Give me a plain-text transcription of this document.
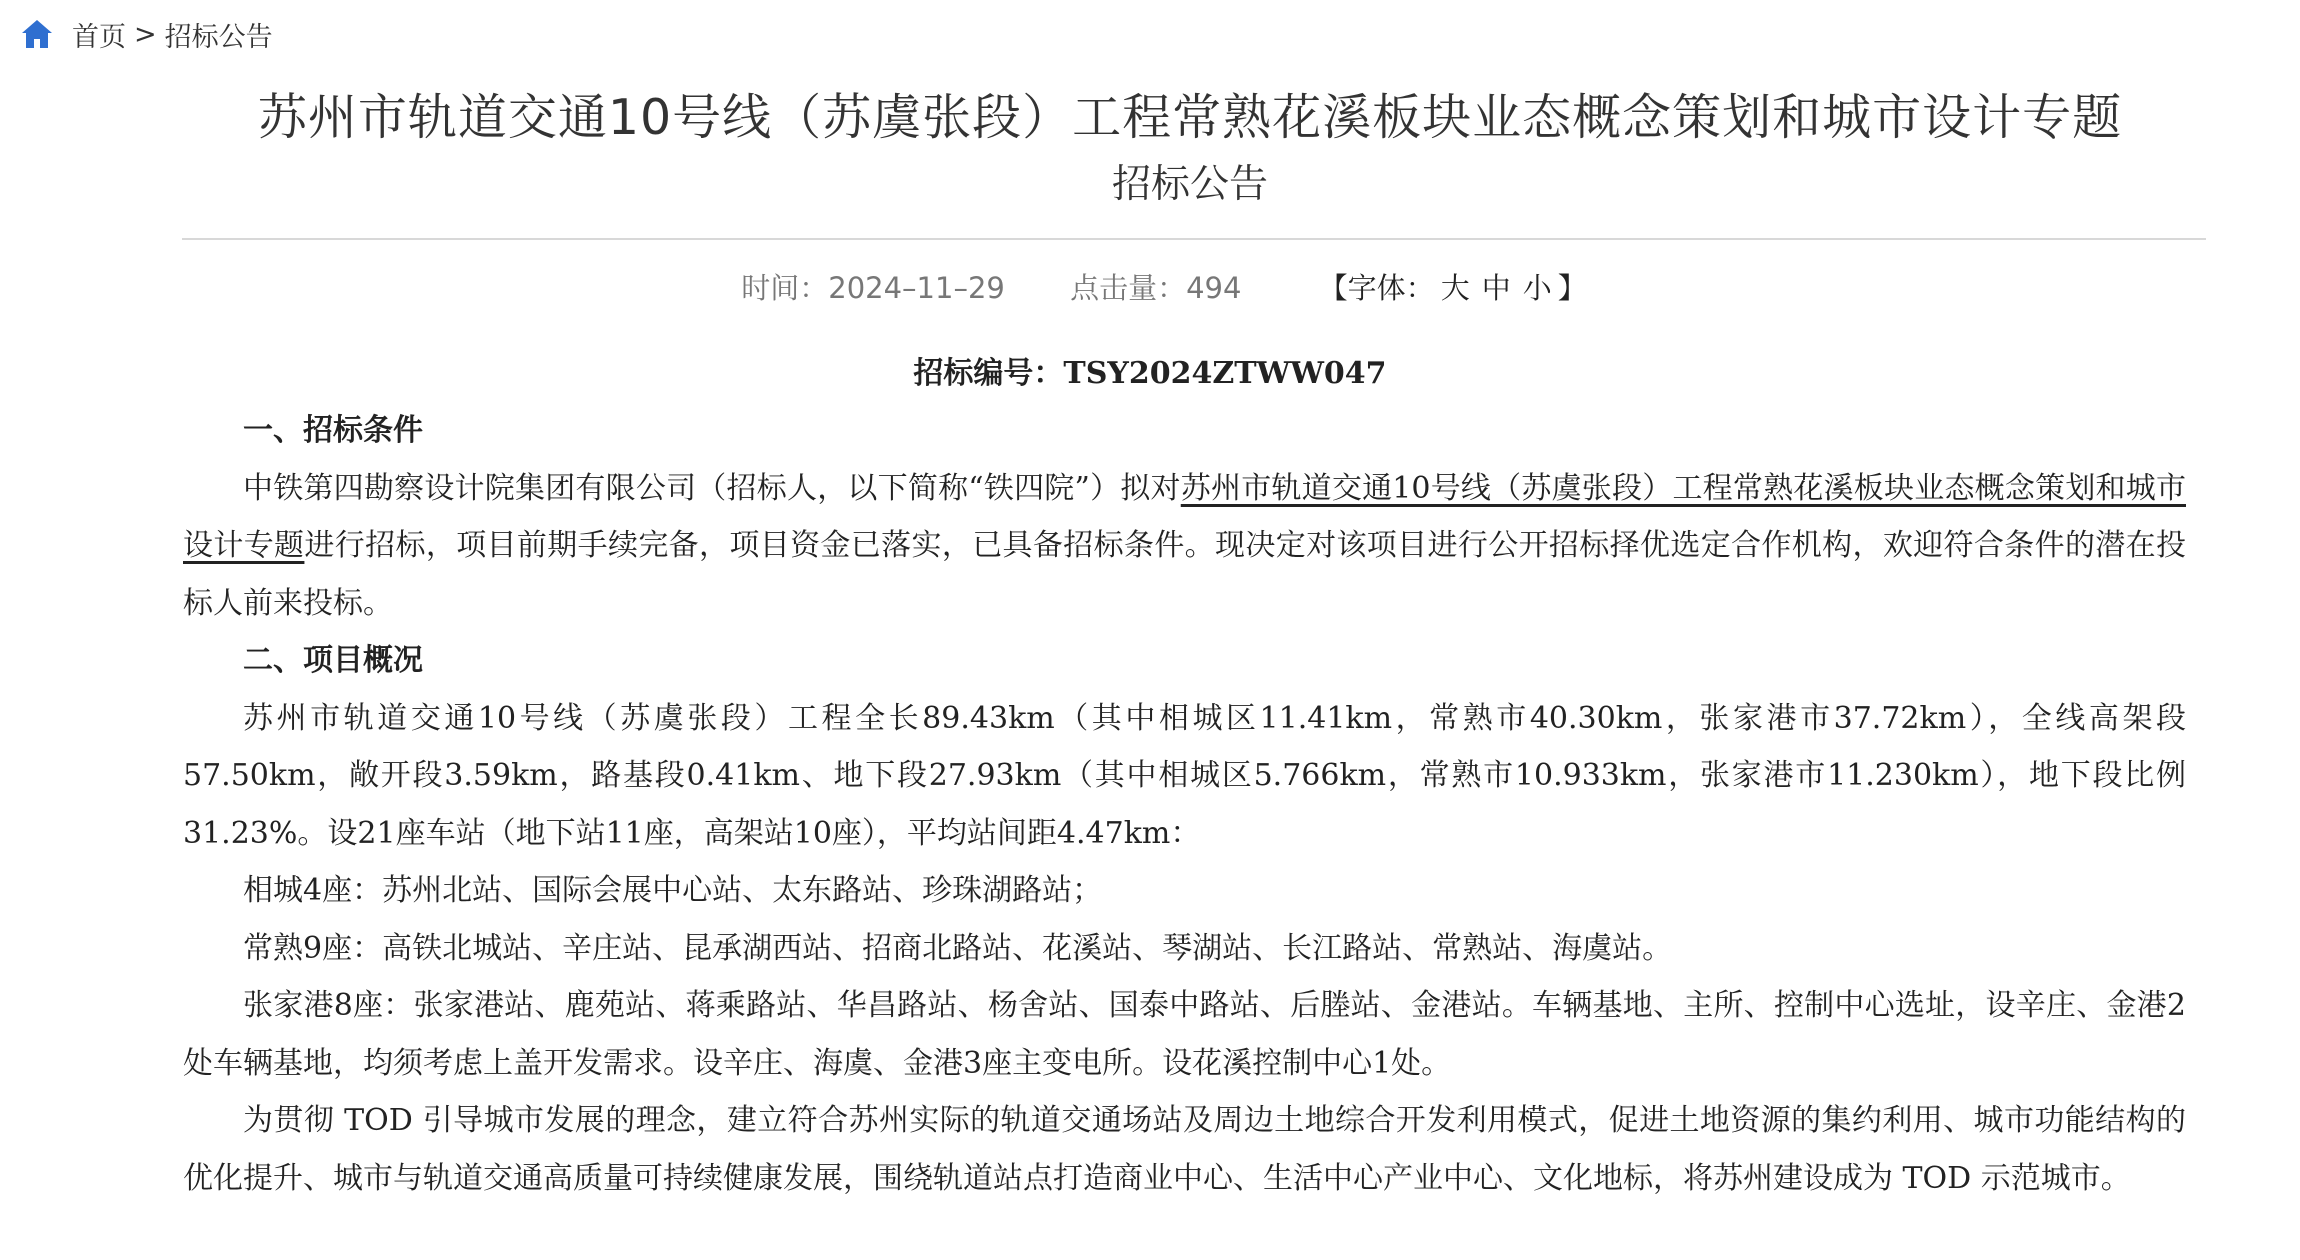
首页 > 招标公告
苏州市轨道交通10号线（苏虞张段）工程常熟花溪板块业态概念策划和城市设计专题
招标公告
时间：2024–11–29 点击量：494	【字体： 大 中 小 】
招标编号：TSY2024ZTWW047
一、招标条件

中铁第四勘察设计院集团有限公司（招标人，以下简称“铁四院”）拟对苏州市轨道交通10号线（苏虞张段）工程常熟花溪板块业态概念策划和城市设计专题进行招标，项目前期手续完备，项目资金已落实，已具备招标条件。现决定对该项目进行公开招标择优选定合作机构，欢迎符合条件的潜在投标人前来投标。

二、项目概况

苏州市轨道交通10号线（苏虞张段）工程全长89.43km（其中相城区11.41km，常熟市40.30km，张家港市37.72km），全线高架段57.50km，敞开段3.59km，路基段0.41km、地下段27.93km（其中相城区5.766km，常熟市10.933km，张家港市11.230km），地下段比例31.23%。设21座车站（地下站11座，高架站10座），平均站间距4.47km：

相城4座：苏州北站、国际会展中心站、太东路站、珍珠湖路站；

常熟9座：高铁北城站、辛庄站、昆承湖西站、招商北路站、花溪站、琴湖站、长江路站、常熟站、海虞站。

张家港8座：张家港站、鹿苑站、蒋乘路站、华昌路站、杨舍站、国泰中路站、后塍站、金港站。车辆基地、主所、控制中心选址，设辛庄、金港2处车辆基地，均须考虑上盖开发需求。设辛庄、海虞、金港3座主变电所。设花溪控制中心1处。

为贯彻 TOD 引导城市发展的理念，建立符合苏州实际的轨道交通场站及周边土地综合开发利用模式，促进土地资源的集约利用、城市功能结构的优化提升、城市与轨道交通高质量可持续健康发展，围绕轨道站点打造商业中心、生活中心产业中心、文化地标，将苏州建设成为 TOD 示范城市。
